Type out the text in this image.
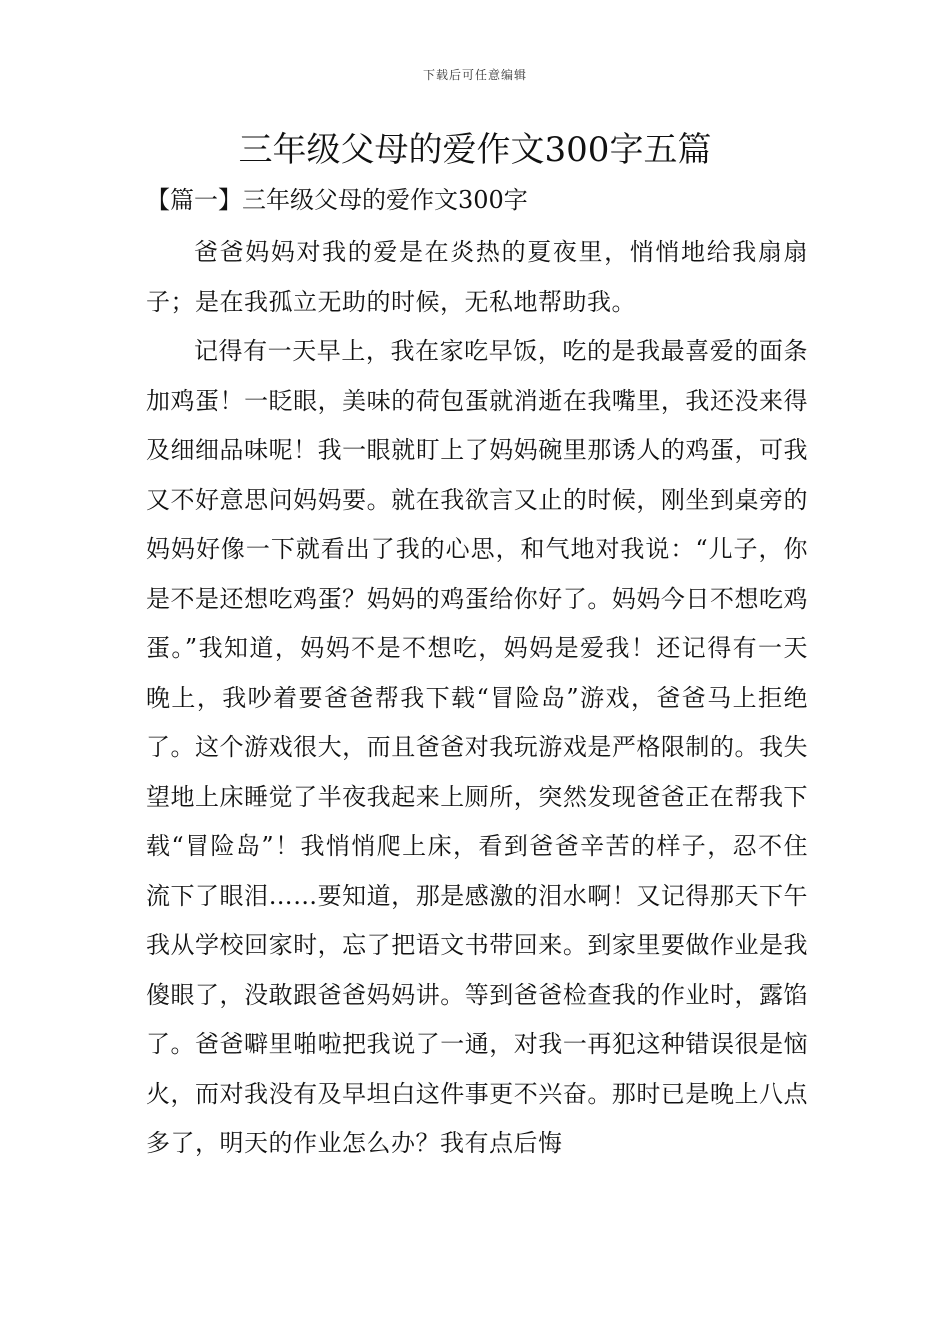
下载后可任意编辑
三年级父母的爱作文300字五篇
【篇一】三年级父母的爱作文300字

爸爸妈妈对我的爱是在炎热的夏夜里，悄悄地给我扇扇子；是在我孤立无助的时候，无私地帮助我。

记得有一天早上，我在家吃早饭，吃的是我最喜爱的面条加鸡蛋！一眨眼，美味的荷包蛋就消逝在我嘴里，我还没来得及细细品味呢！我一眼就盯上了妈妈碗里那诱人的鸡蛋，可我又不好意思问妈妈要。就在我欲言又止的时候，刚坐到桌旁的妈妈好像一下就看出了我的心思，和气地对我说：“儿子，你是不是还想吃鸡蛋？妈妈的鸡蛋给你好了。妈妈今日不想吃鸡蛋。”我知道，妈妈不是不想吃，妈妈是爱我！还记得有一天晚上，我吵着要爸爸帮我下载“冒险岛”游戏，爸爸马上拒绝了。这个游戏很大，而且爸爸对我玩游戏是严格限制的。我失望地上床睡觉了半夜我起来上厕所，突然发现爸爸正在帮我下载“冒险岛”！我悄悄爬上床，看到爸爸辛苦的样子，忍不住流下了眼泪……要知道，那是感激的泪水啊！又记得那天下午我从学校回家时，忘了把语文书带回来。到家里要做作业是我傻眼了，没敢跟爸爸妈妈讲。等到爸爸检查我的作业时，露馅了。爸爸噼里啪啦把我说了一通，对我一再犯这种错误很是恼火，而对我没有及早坦白这件事更不兴奋。那时已是晚上八点多了，明天的作业怎么办？我有点后悔
